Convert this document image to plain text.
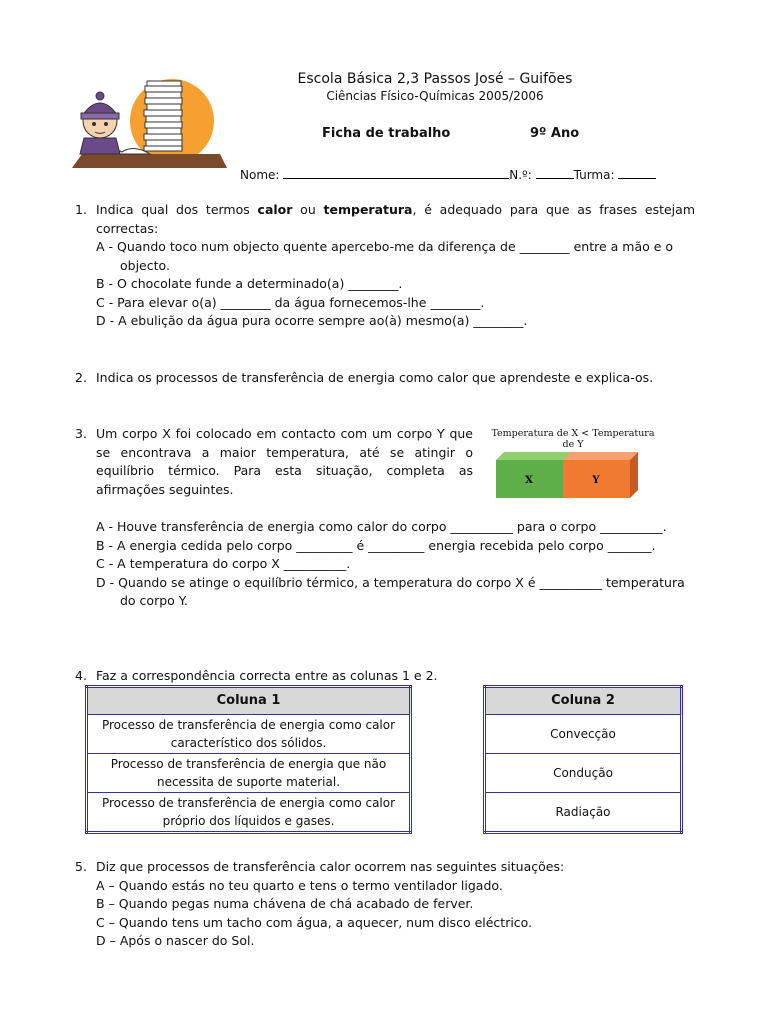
Escola Básica 2,3 Passos José – Guifões
Ciências Físico-Químicas 2005/2006
Ficha de trabalho	9º Ano
Nome:	N.º:	Turma:
1. Indica qual dos termos calor ou temperatura, é adequado para que as frases estejam correctas:
A - Quando toco num objecto quente apercebo-me da diferença de ________ entre a mão e o objecto.
B - O chocolate funde a determinado(a) ________.
C - Para elevar o(a) ________ da água fornecemos-lhe ________.
D - A ebulição da água pura ocorre sempre ao(à) mesmo(a) ________.
2. Indica os processos de transferência de energia como calor que aprendeste e explica-os.
3. Um corpo X foi colocado em contacto com um corpo Y que se encontrava a maior temperatura, até se atingir o equilíbrio térmico. Para esta situação, completa as afirmações seguintes.
Temperatura de X < Temperatura de Y
X	Y
A - Houve transferência de energia como calor do corpo __________ para o corpo __________.
B - A energia cedida pelo corpo _________ é _________ energia recebida pelo corpo _______.
C - A temperatura do corpo X __________.
D - Quando se atinge o equilíbrio térmico, a temperatura do corpo X é __________ temperatura do corpo Y.
4. Faz a correspondência correcta entre as colunas 1 e 2.
Coluna 1
Processo de transferência de energia como calor característico dos sólidos.
Processo de transferência de energia que não necessita de suporte material.
Processo de transferência de energia como calor próprio dos líquidos e gases.
Coluna 2
Convecção
Condução
Radiação
5. Diz que processos de transferência calor ocorrem nas seguintes situações:
A – Quando estás no teu quarto e tens o termo ventilador ligado.
B – Quando pegas numa chávena de chá acabado de ferver.
C – Quando tens um tacho com água, a aquecer, num disco eléctrico.
D – Após o nascer do Sol.
